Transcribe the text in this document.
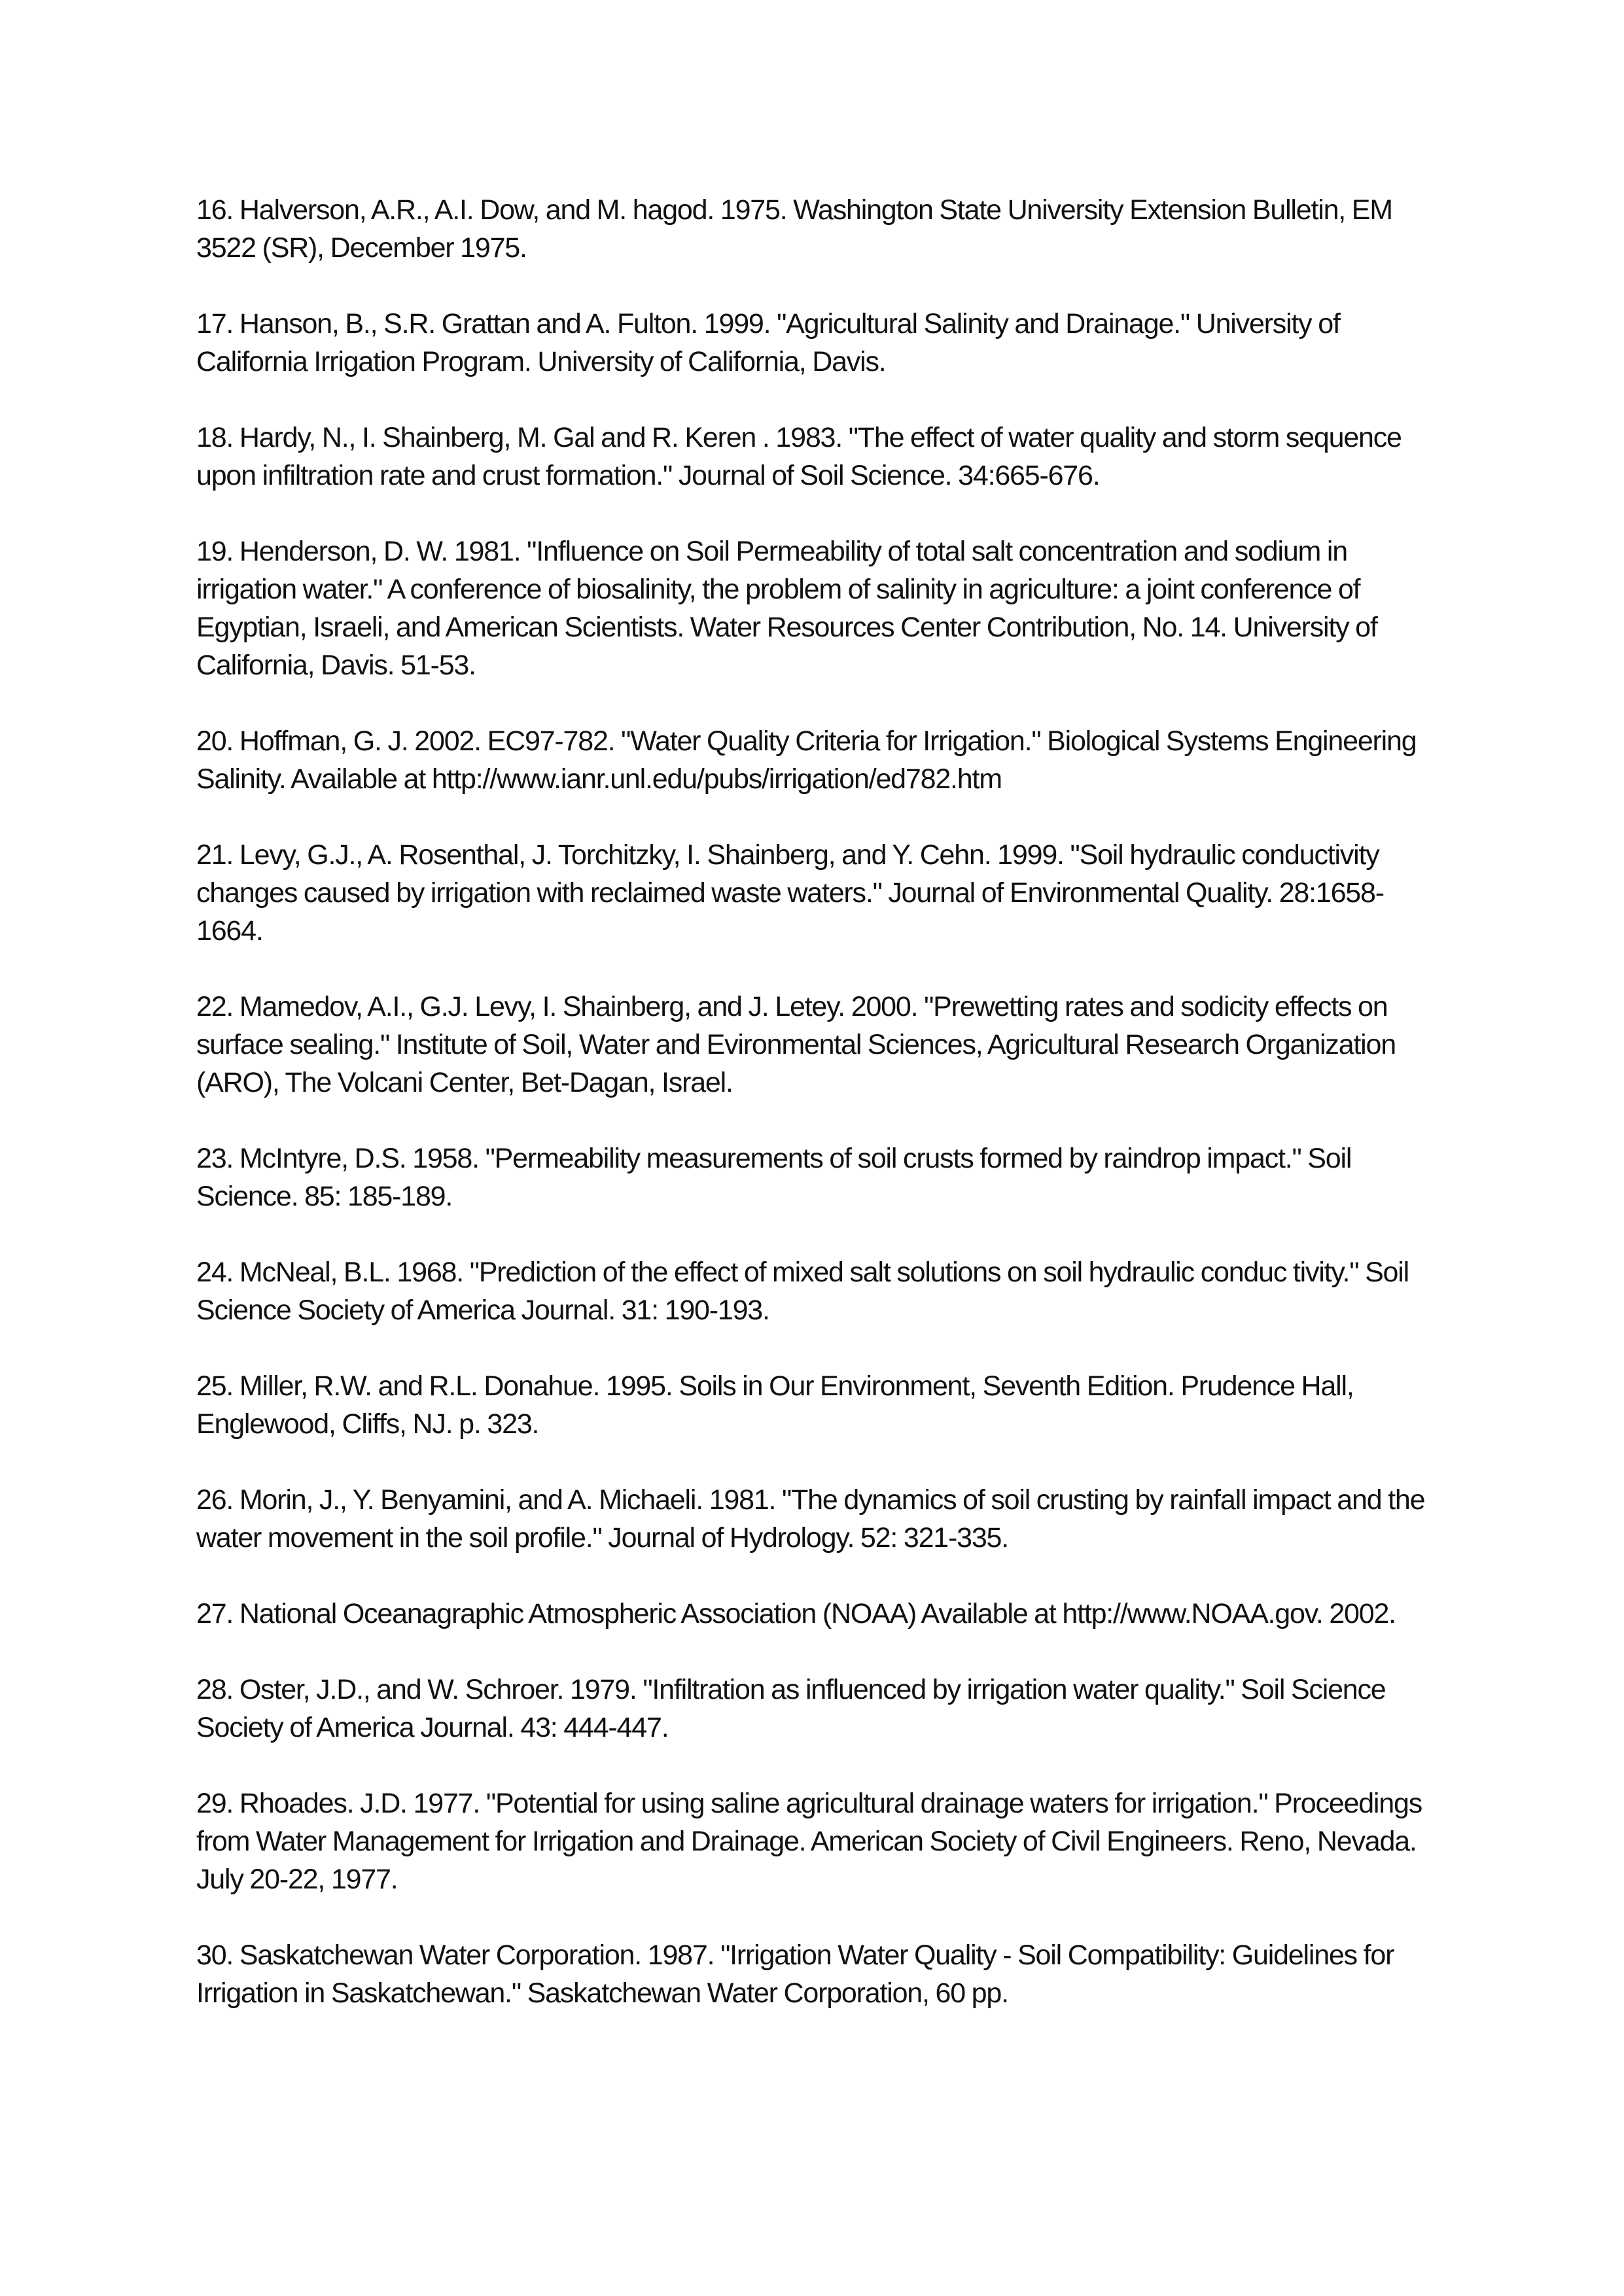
16. Halverson, A.R., A.I. Dow, and M. hagod. 1975. Washington State University Extension Bulletin, EM 3522 (SR), December 1975.
17. Hanson, B., S.R. Grattan and A. Fulton. 1999. "Agricultural Salinity and Drainage." University of California Irrigation Program. University of California, Davis.
18. Hardy, N., I. Shainberg, M. Gal and R. Keren . 1983. "The effect of water quality and storm sequence upon infiltration rate and crust formation." Journal of Soil Science. 34:665-676.
19. Henderson, D. W. 1981. "Influence on Soil Permeability of total salt concentration and sodium in irrigation water." A conference of biosalinity, the problem of salinity in agriculture: a joint conference of Egyptian, Israeli, and American Scientists. Water Resources Center Contribution, No. 14. University of California, Davis. 51-53.
20. Hoffman, G. J. 2002. EC97-782. "Water Quality Criteria for Irrigation." Biological Systems Engineering Salinity. Available at http://www.ianr.unl.edu/pubs/irrigation/ed782.htm
21. Levy, G.J., A. Rosenthal, J. Torchitzky, I. Shainberg, and Y. Cehn. 1999. "Soil hydraulic conductivity changes caused by irrigation with reclaimed waste waters." Journal of Environmental Quality. 28:1658-1664.
22. Mamedov, A.I., G.J. Levy, I. Shainberg, and J. Letey. 2000. "Prewetting rates and sodicity effects on surface sealing." Institute of Soil, Water and Evironmental Sciences, Agricultural Research Organization (ARO), The Volcani Center, Bet-Dagan, Israel.
23. McIntyre, D.S. 1958. "Permeability measurements of soil crusts formed by raindrop impact." Soil Science. 85: 185-189.
24. McNeal, B.L. 1968. "Prediction of the effect of mixed salt solutions on soil hydraulic conduc tivity." Soil Science Society of America Journal. 31: 190-193.
25. Miller, R.W. and R.L. Donahue. 1995. Soils in Our Environment, Seventh Edition. Prudence Hall, Englewood, Cliffs, NJ. p. 323.
26. Morin, J., Y. Benyamini, and A. Michaeli. 1981. "The dynamics of soil crusting by rainfall impact and the water movement in the soil profile." Journal of Hydrology. 52: 321-335.
27. National Oceanagraphic Atmospheric Association (NOAA) Available at http://www.NOAA.gov. 2002.
28. Oster, J.D., and W. Schroer. 1979. "Infiltration as influenced by irrigation water quality." Soil Science Society of America Journal. 43: 444-447.
29. Rhoades. J.D. 1977. "Potential for using saline agricultural drainage waters for irrigation." Proceedings from Water Management for Irrigation and Drainage. American Society of Civil Engineers. Reno, Nevada. July 20-22, 1977.
30. Saskatchewan Water Corporation. 1987. "Irrigation Water Quality - Soil Compatibility: Guidelines for Irrigation in Saskatchewan." Saskatchewan Water Corporation, 60 pp.
